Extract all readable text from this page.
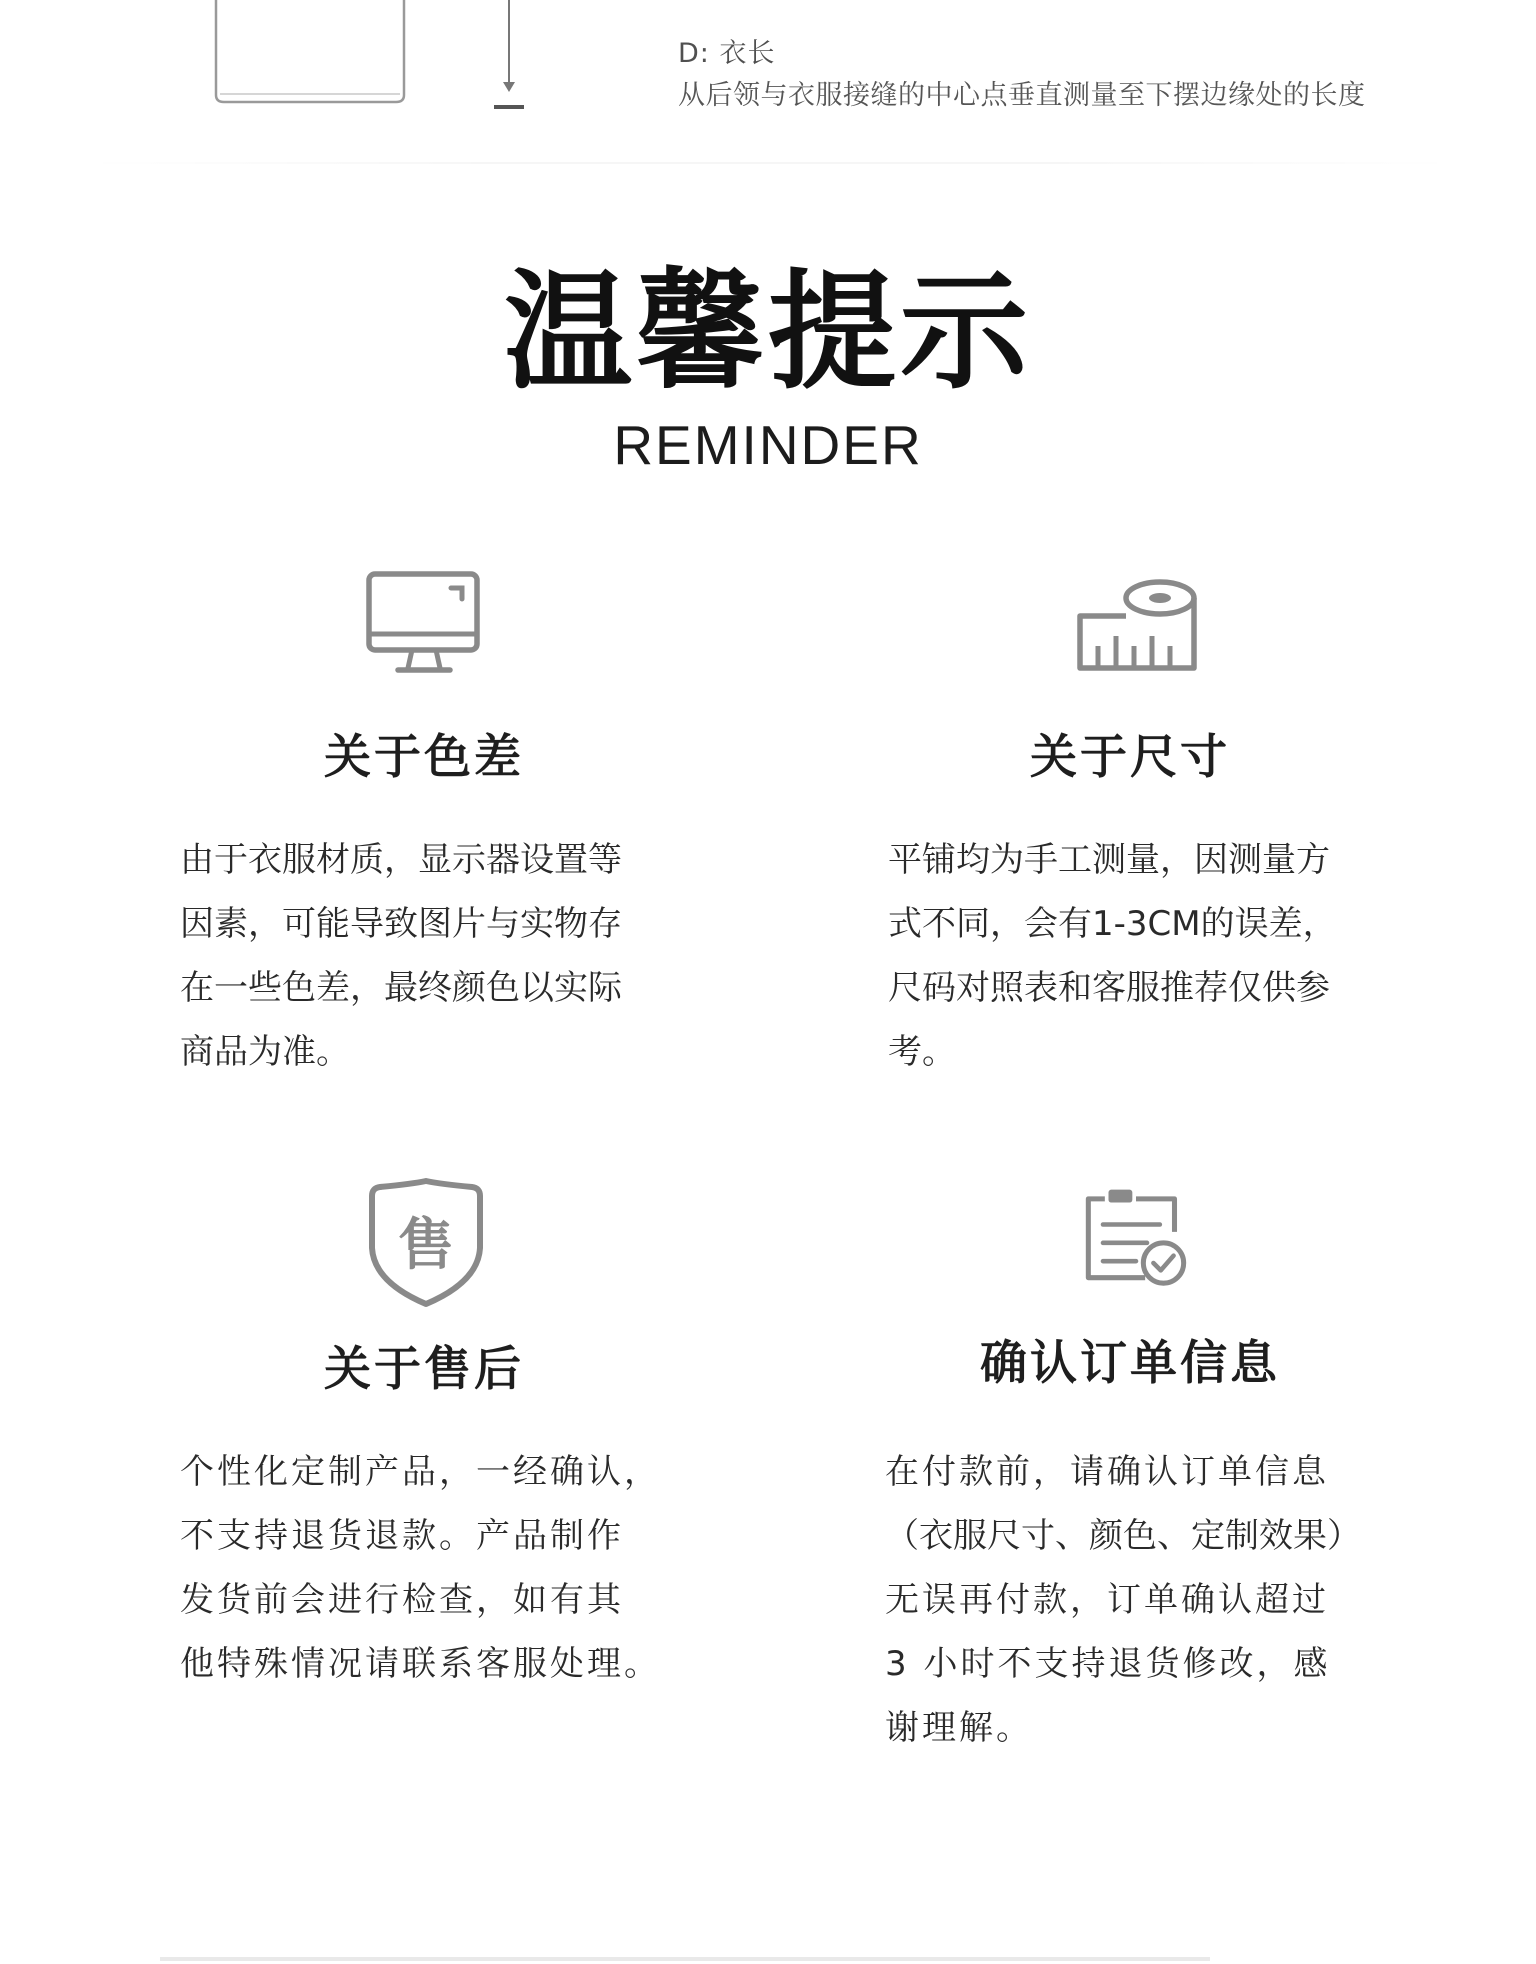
D: 衣长
从后领与衣服接缝的中心点垂直测量至下摆边缘处的长度
温馨提示
REMINDER
关于色差
由于衣服材质，显示器设置等
因素，可能导致图片与实物存
在一些色差，最终颜色以实际
商品为准。
关于尺寸
平铺均为手工测量，因测量方
式不同，会有1-3CM的误差，
尺码对照表和客服推荐仅供参
考。
售
关于售后
个性化定制产品，一经确认，
不支持退货退款。产品制作
发货前会进行检查，如有其
他特殊情况请联系客服处理。
确认订单信息
在付款前，请确认订单信息
（衣服尺寸、颜色、定制效果）
无误再付款，订单确认超过
3 小时不支持退货修改，感
谢理解。
